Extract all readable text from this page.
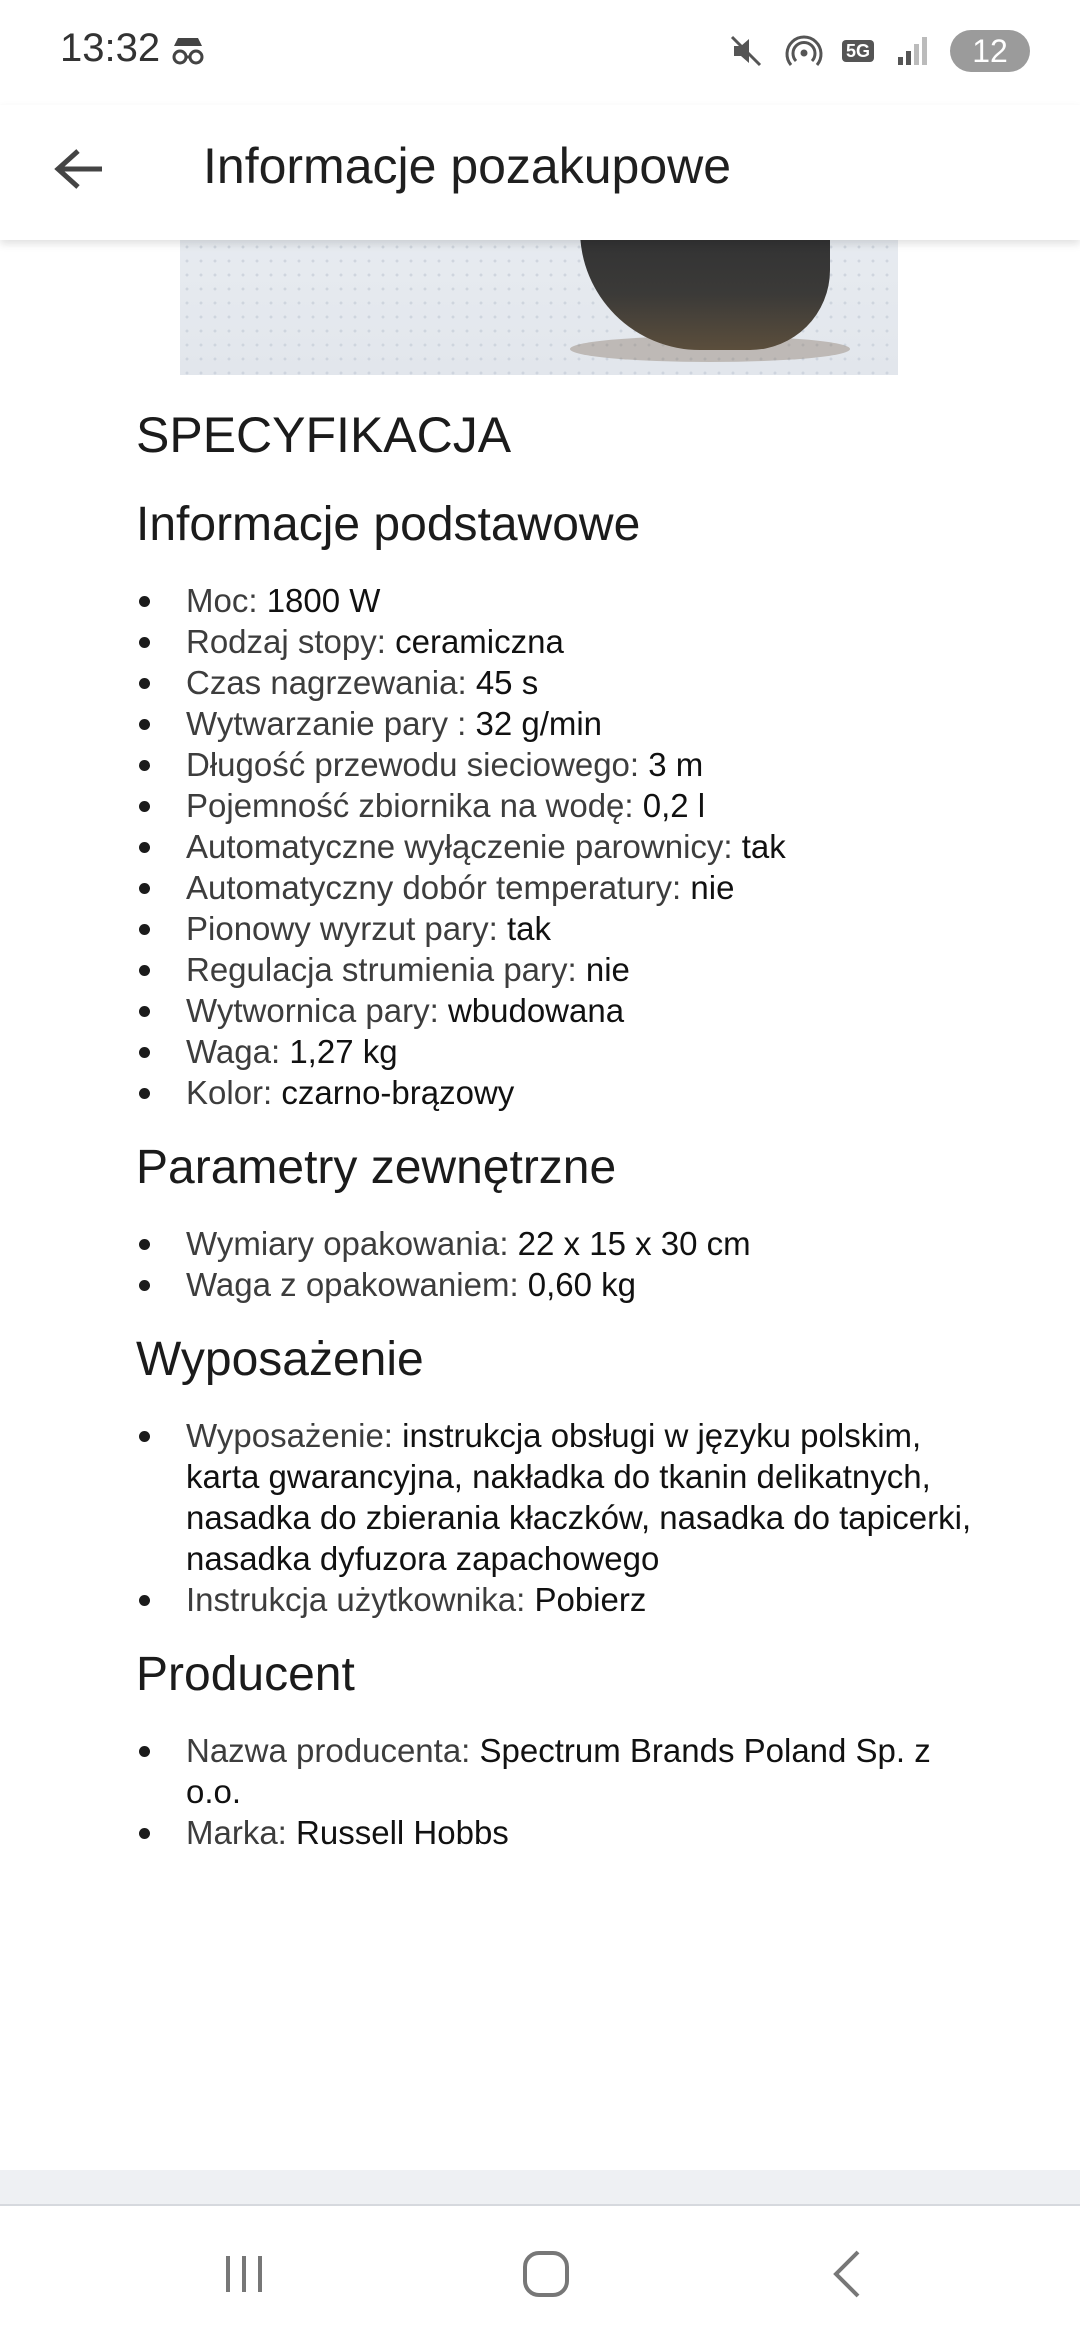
13:32	5G	12
Informacje pozakupowe
SPECYFIKACJA
Informacje podstawowe
Moc: 1800 W
Rodzaj stopy: ceramiczna
Czas nagrzewania: 45 s
Wytwarzanie pary : 32 g/min
Długość przewodu sieciowego: 3 m
Pojemność zbiornika na wodę: 0,2 l
Automatyczne wyłączenie parownicy: tak
Automatyczny dobór temperatury: nie
Pionowy wyrzut pary: tak
Regulacja strumienia pary: nie
Wytwornica pary: wbudowana
Waga: 1,27 kg
Kolor: czarno-brązowy
Parametry zewnętrzne
Wymiary opakowania: 22 x 15 x 30 cm
Waga z opakowaniem: 0,60 kg
Wyposażenie
Wyposażenie: instrukcja obsługi w języku polskim, karta gwarancyjna, nakładka do tkanin delikatnych, nasadka do zbierania kłaczków, nasadka do tapicerki, nasadka dyfuzora zapachowego
Instrukcja użytkownika: Pobierz
Producent
Nazwa producenta: Spectrum Brands Poland Sp. z o.o.
Marka: Russell Hobbs
